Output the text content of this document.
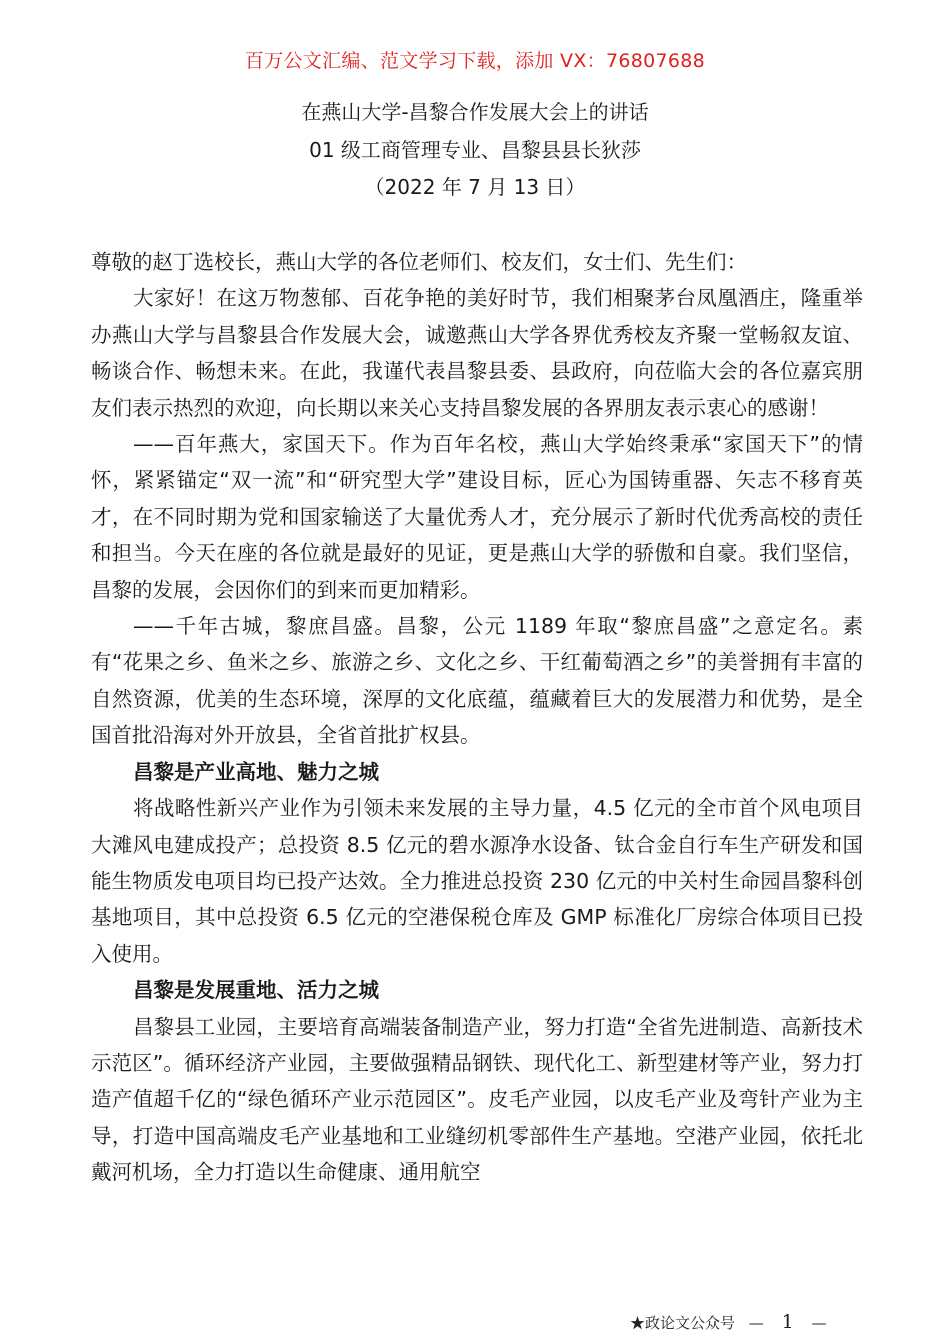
百万公文汇编、范文学习下载，添加 VX：76807688
在燕山大学-昌黎合作发展大会上的讲话
01 级工商管理专业、昌黎县县长狄莎
（2022 年 7 月 13 日）

尊敬的赵丁选校长，燕山大学的各位老师们、校友们，女士们、先生们：

大家好！在这万物葱郁、百花争艳的美好时节，我们相聚茅台凤凰酒庄，隆重举办燕山大学与昌黎县合作发展大会，诚邀燕山大学各界优秀校友齐聚一堂畅叙友谊、畅谈合作、畅想未来。在此，我谨代表昌黎县委、县政府，向莅临大会的各位嘉宾朋友们表示热烈的欢迎，向长期以来关心支持昌黎发展的各界朋友表示衷心的感谢！

——百年燕大，家国天下。作为百年名校，燕山大学始终秉承“家国天下”的情怀，紧紧锚定“双一流”和“研究型大学”建设目标，匠心为国铸重器、矢志不移育英才，在不同时期为党和国家输送了大量优秀人才，充分展示了新时代优秀高校的责任和担当。今天在座的各位就是最好的见证，更是燕山大学的骄傲和自豪。我们坚信，昌黎的发展，会因你们的到来而更加精彩。

——千年古城，黎庶昌盛。昌黎，公元 1189 年取“黎庶昌盛”之意定名。素有“花果之乡、鱼米之乡、旅游之乡、文化之乡、干红葡萄酒之乡”的美誉拥有丰富的自然资源，优美的生态环境，深厚的文化底蕴，蕴藏着巨大的发展潜力和优势，是全国首批沿海对外开放县，全省首批扩权县。

昌黎是产业高地、魅力之城

将战略性新兴产业作为引领未来发展的主导力量，4.5 亿元的全市首个风电项目大滩风电建成投产；总投资 8.5 亿元的碧水源净水设备、钛合金自行车生产研发和国能生物质发电项目均已投产达效。全力推进总投资 230 亿元的中关村生命园昌黎科创基地项目，其中总投资 6.5 亿元的空港保税仓库及 GMP 标准化厂房综合体项目已投入使用。

昌黎是发展重地、活力之城

昌黎县工业园，主要培育高端装备制造产业，努力打造“全省先进制造、高新技术示范区”。循环经济产业园，主要做强精品钢铁、现代化工、新型建材等产业，努力打造产值超千亿的“绿色循环产业示范园区”。皮毛产业园，以皮毛产业及弯针产业为主导，打造中国高端皮毛产业基地和工业缝纫机零部件生产基地。空港产业园，依托北戴河机场，全力打造以生命健康、通用航空

★政论文公众号 — 1 —
